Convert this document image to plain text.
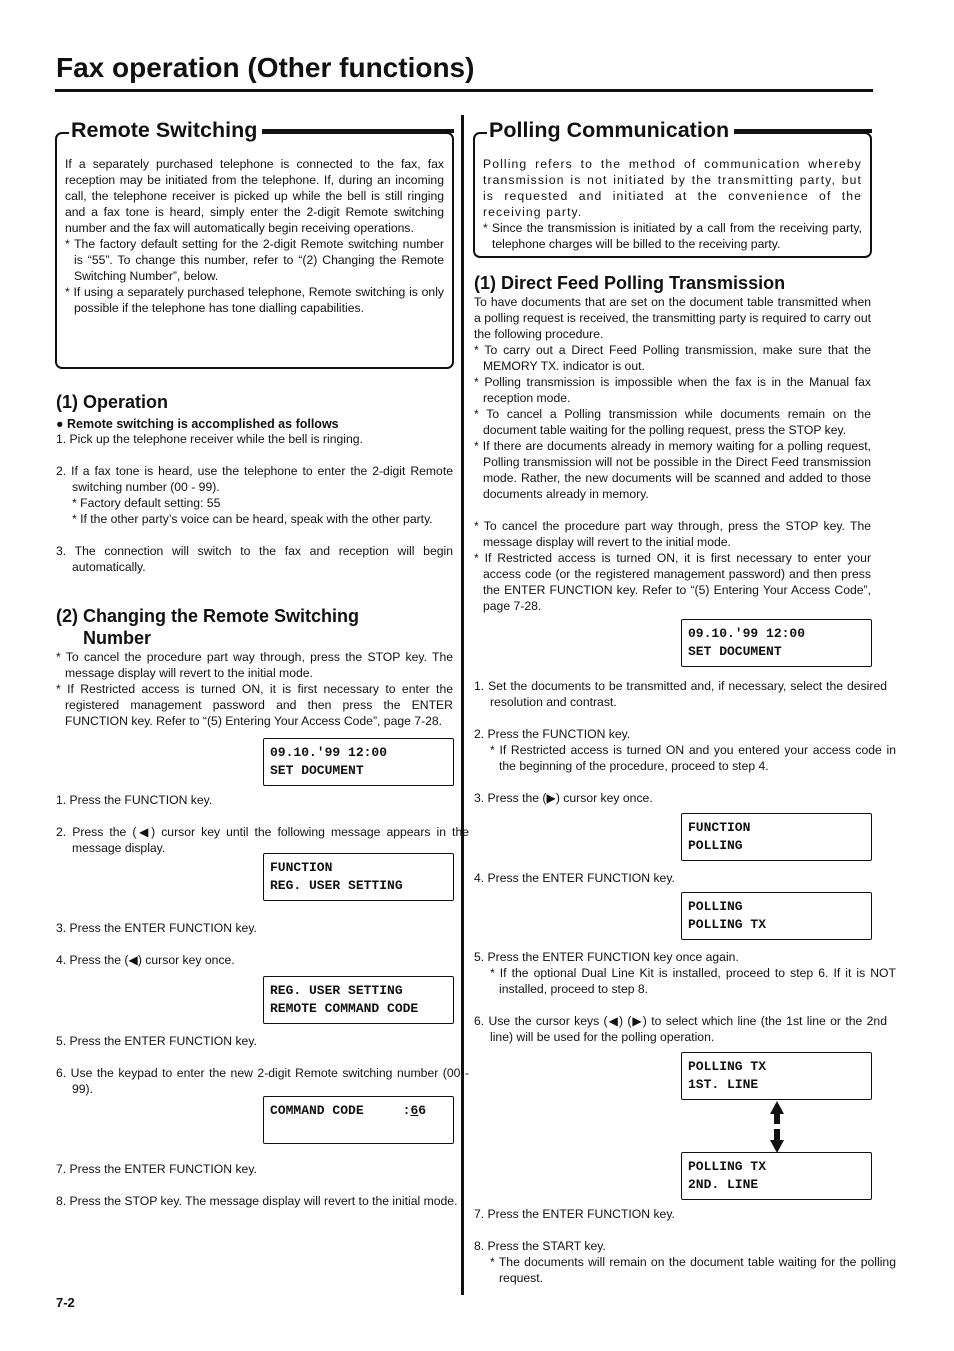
Fax operation (Other functions)
Remote Switching

If a separately purchased telephone is connected to the fax, fax reception may be initiated from the telephone. If, during an incoming call, the telephone receiver is picked up while the bell is still ringing and a fax tone is heard, simply enter the 2-digit Remote switching number and the fax will automatically begin receiving operations.

* The factory default setting for the 2-digit Remote switching number is “55”. To change this number, refer to “(2) Changing the Remote Switching Number”, below.

* If using a separately purchased telephone, Remote switching is only possible if the telephone has tone dialling capabilities.

(1) Operation
● Remote switching is accomplished as follows
1. Pick up the telephone receiver while the bell is ringing.
2. If a fax tone is heard, use the telephone to enter the 2-digit Remote switching number (00 - 99).
* Factory default setting: 55
* If the other party’s voice can be heard, speak with the other party.
3. The connection will switch to the fax and reception will begin automatically.
(2) Changing the Remote Switching
Number
* To cancel the procedure part way through, press the STOP key. The message display will revert to the initial mode.
* If Restricted access is turned ON, it is first necessary to enter the registered management password and then press the ENTER FUNCTION key. Refer to “(5) Entering Your Access Code”, page 7-28.
09.10.'99 12:00
SET DOCUMENT
1. Press the FUNCTION key.
2. Press the (◀) cursor key until the following message appears in the message display.
FUNCTION
REG. USER SETTING
3. Press the ENTER FUNCTION key.
4. Press the (◀) cursor key once.
REG. USER SETTING
REMOTE COMMAND CODE
5. Press the ENTER FUNCTION key.
6. Use the keypad to enter the new 2-digit Remote switching number (00 - 99).
COMMAND CODE     :66
7. Press the ENTER FUNCTION key.
8. Press the STOP key. The message display will revert to the initial mode.
7-2
Polling Communication

Polling refers to the method of communication whereby transmission is not initiated by the transmitting party, but is requested and initiated at the convenience of the receiving party.

* Since the transmission is initiated by a call from the receiving party, telephone charges will be billed to the receiving party.

(1) Direct Feed Polling Transmission
To have documents that are set on the document table transmitted when a polling request is received, the transmitting party is required to carry out the following procedure.
* To carry out a Direct Feed Polling transmission, make sure that the MEMORY TX. indicator is out.
* Polling transmission is impossible when the fax is in the Manual fax reception mode.
* To cancel a Polling transmission while documents remain on the document table waiting for the polling request, press the STOP key.
* If there are documents already in memory waiting for a polling request, Polling transmission will not be possible in the Direct Feed transmission mode. Rather, the new documents will be scanned and added to those documents already in memory.
* To cancel the procedure part way through, press the STOP key. The message display will revert to the initial mode.
* If Restricted access is turned ON, it is first necessary to enter your access code (or the registered management password) and then press the ENTER FUNCTION key. Refer to “(5) Entering Your Access Code”, page 7-28.
09.10.'99 12:00
SET DOCUMENT
1. Set the documents to be transmitted and, if necessary, select the desired resolution and contrast.
2. Press the FUNCTION key.
* If Restricted access is turned ON and you entered your access code in the beginning of the procedure, proceed to step 4.
3. Press the (▶) cursor key once.
FUNCTION
POLLING
4. Press the ENTER FUNCTION key.
POLLING
POLLING TX
5. Press the ENTER FUNCTION key once again.
* If the optional Dual Line Kit is installed, proceed to step 6. If it is NOT installed, proceed to step 8.
6. Use the cursor keys (◀) (▶) to select which line (the 1st line or the 2nd line) will be used for the polling operation.
POLLING TX
1ST. LINE
POLLING TX
2ND. LINE
7. Press the ENTER FUNCTION key.
8. Press the START key.
* The documents will remain on the document table waiting for the polling request.
